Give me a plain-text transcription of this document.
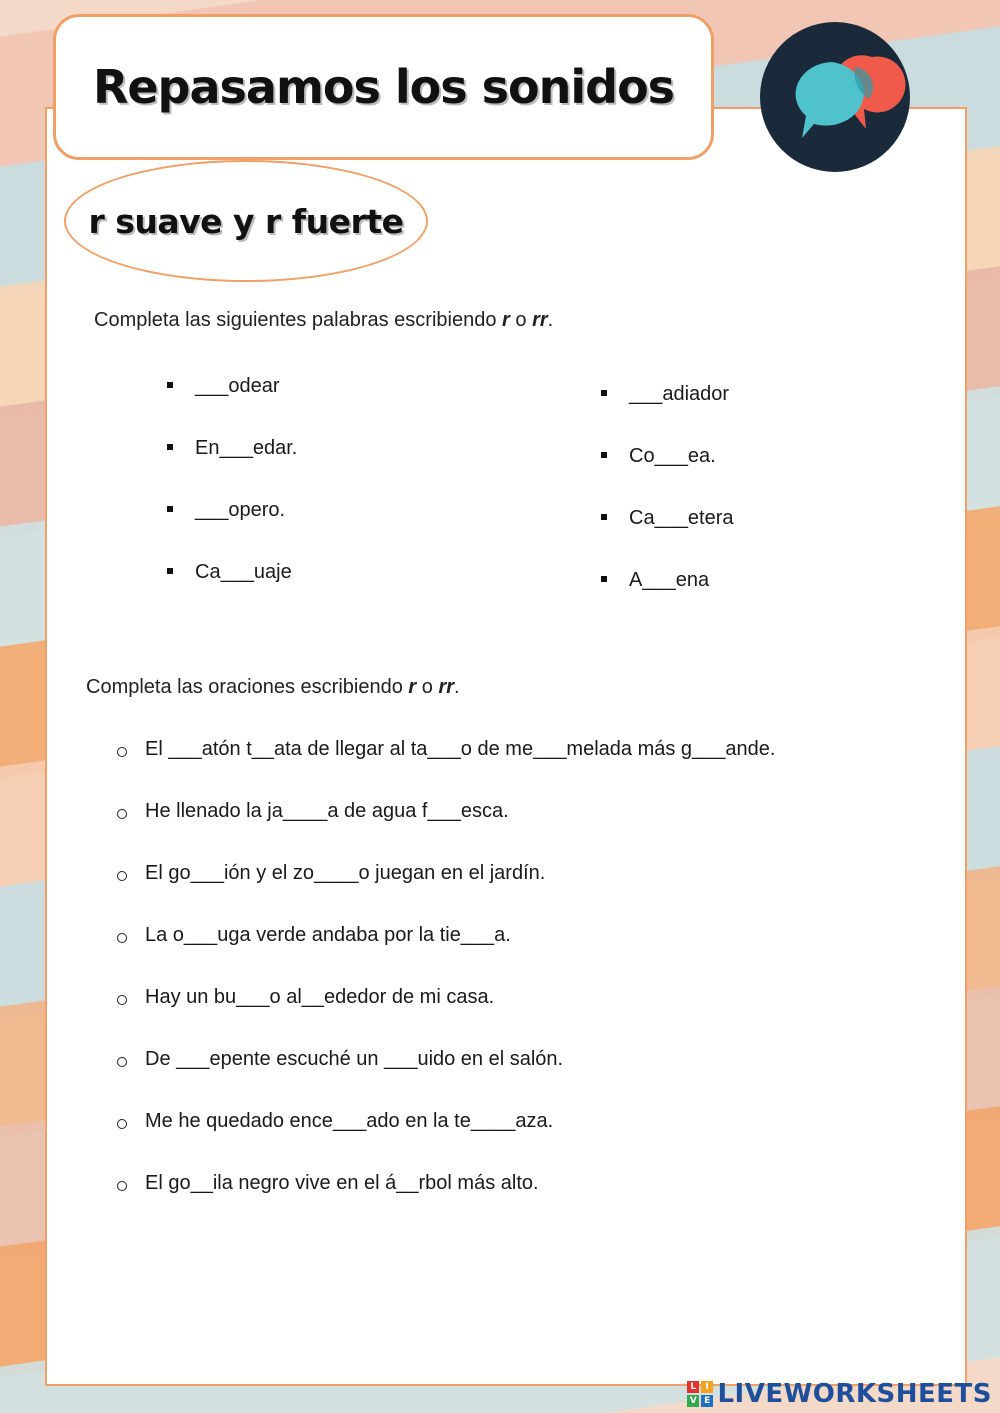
Repasamos los sonidos
r suave y r fuerte
Completa las siguientes palabras escribiendo r o rr.
___odear
En___edar.
___opero.
Ca___uaje
___adiador
Co___ea.
Ca___etera
A___ena
Completa las oraciones escribiendo r o rr.
El ___atón t__ata de llegar al ta___o de me___melada más g___ande.
He llenado la ja____a de agua f___esca.
El go___ión y el zo____o juegan en el jardín.
La o___uga verde andaba por la tie___a.
Hay un bu___o al__ededor de mi casa.
De ___epente escuché un ___uido en el salón.
Me he quedado ence___ado en la te____aza.
El go__ila negro vive en el á__rbol más alto.
L I
V E LIVEWORKSHEETS
